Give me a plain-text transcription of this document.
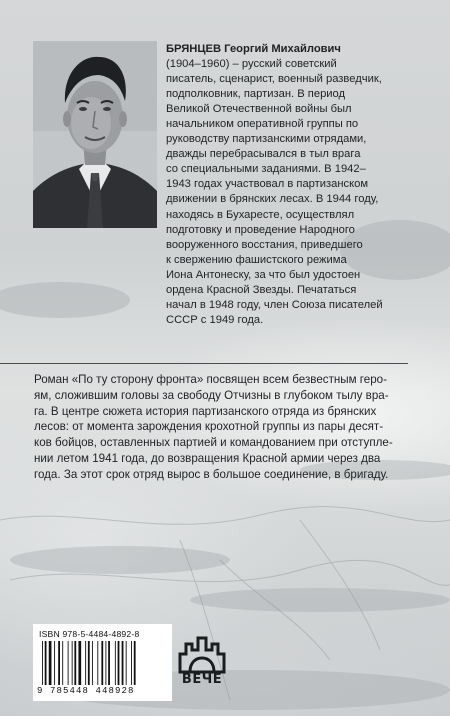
БРЯНЦЕВ Георгий Михайлович
(1904–1960) – русский советский
писатель, сценарист, военный разведчик,
подполковник, партизан. В период
Великой Отечественной войны был
начальником оперативной группы по
руководству партизанскими отрядами,
дважды перебрасывался в тыл врага
со специальными заданиями. В 1942–
1943 годах участвовал в партизанском
движении в брянских лесах. В 1944 году,
находясь в Бухаресте, осуществлял
подготовку и проведение Народного
вооруженного восстания, приведшего
к свержению фашистского режима
Иона Антонеску, за что был удостоен
ордена Красной Звезды. Печататься
начал в 1948 году, член Союза писателей
СССР с 1949 года.
Роман «По ту сторону фронта» посвящен всем безвестным геро-
ям, сложившим головы за свободу Отчизны в глубоком тылу вра-
га. В центре сюжета история партизанского отряда из брянских
лесов: от момента зарождения крохотной группы из пары десят-
ков бойцов, оставленных партией и командованием при отступле-
нии летом 1941 года, до возвращения Красной армии через два
года. За этот срок отряд вырос в большое соединение, в бригаду.
ISBN 978-5-4484-4892-8
9 785448 448928
ВЕЧЕ
